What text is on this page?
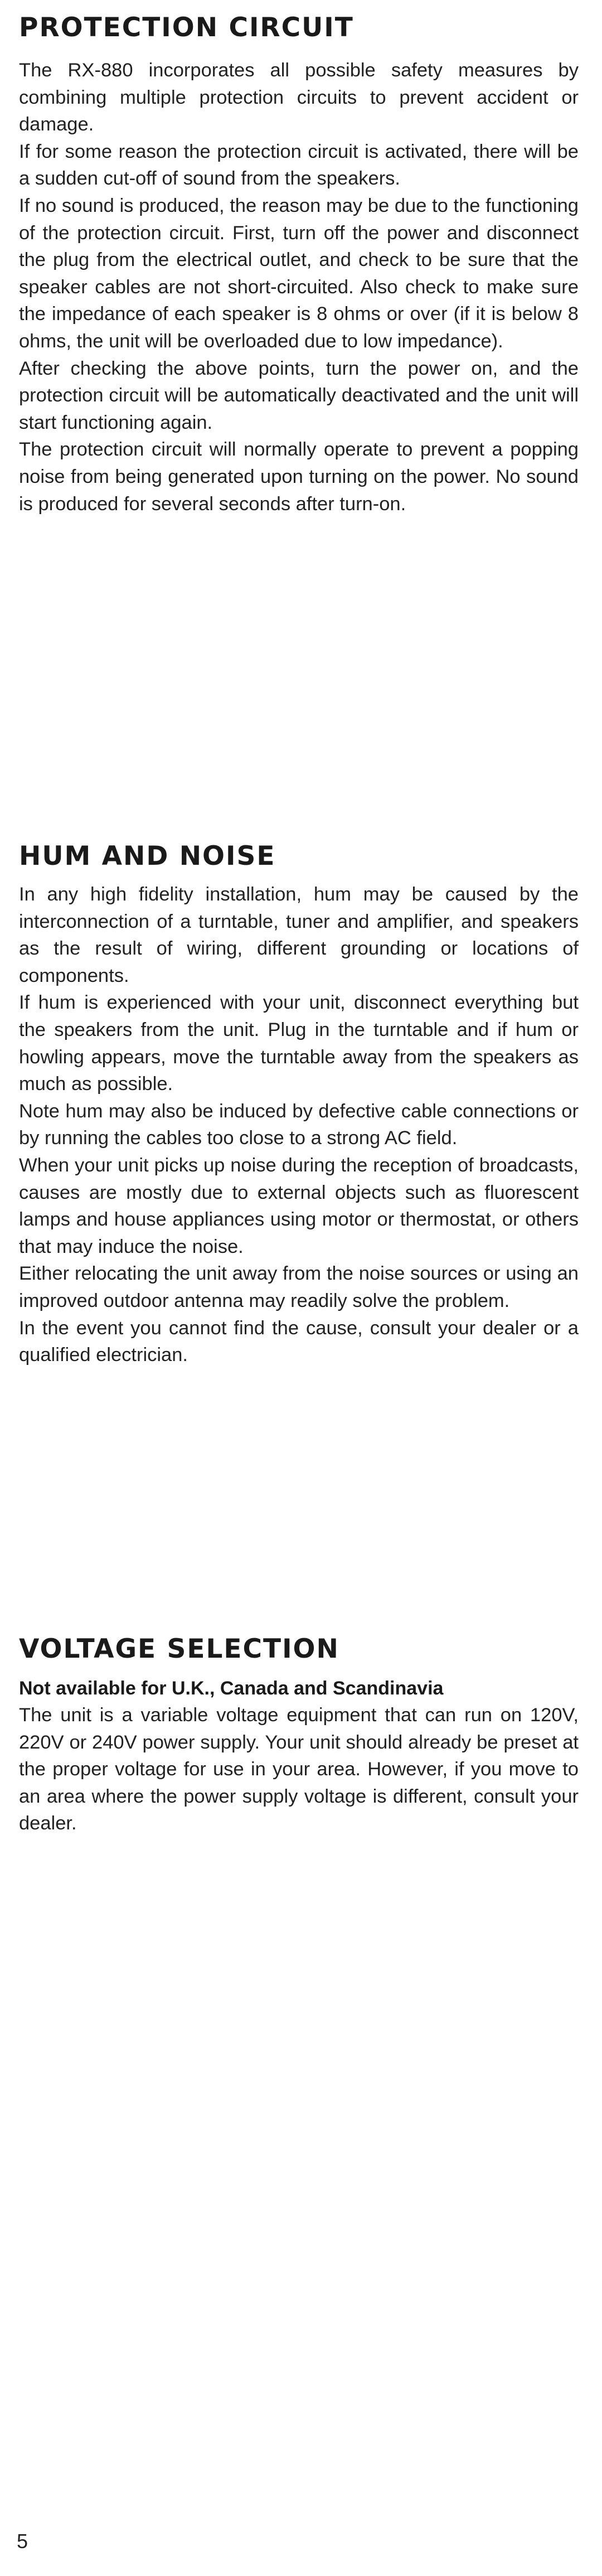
PROTECTION CIRCUIT

The RX-880 incorporates all possible safety measures by combining multiple protection circuits to prevent accident or damage.
If for some reason the protection circuit is activated, there will be a sudden cut-off of sound from the speakers.
If no sound is produced, the reason may be due to the functioning of the protection circuit. First, turn off the power and disconnect the plug from the electrical outlet, and check to be sure that the speaker cables are not short-circuited. Also check to make sure the impedance of each speaker is 8 ohms or over (if it is below 8 ohms, the unit will be overloaded due to low impedance).
After checking the above points, turn the power on, and the protection circuit will be automatically deactivated and the unit will start functioning again.
The protection circuit will normally operate to prevent a popping noise from being generated upon turning on the power. No sound is produced for several seconds after turn-on.

HUM AND NOISE

In any high fidelity installation, hum may be caused by the interconnection of a turntable, tuner and amplifier, and speakers as the result of wiring, different grounding or locations of components.
If hum is experienced with your unit, disconnect everything but the speakers from the unit. Plug in the turntable and if hum or howling appears, move the turntable away from the speakers as much as possible.
Note hum may also be induced by defective cable connections or by running the cables too close to a strong AC field.
When your unit picks up noise during the reception of broadcasts, causes are mostly due to external objects such as fluorescent lamps and house appliances using motor or thermostat, or others that may induce the noise.
Either relocating the unit away from the noise sources or using an improved outdoor antenna may readily solve the problem.
In the event you cannot find the cause, consult your dealer or a qualified electrician.

VOLTAGE SELECTION

Not available for U.K., Canada and Scandinavia

The unit is a variable voltage equipment that can run on 120V, 220V or 240V power supply. Your unit should already be preset at the proper voltage for use in your area. However, if you move to an area where the power supply voltage is different, consult your dealer.

5
